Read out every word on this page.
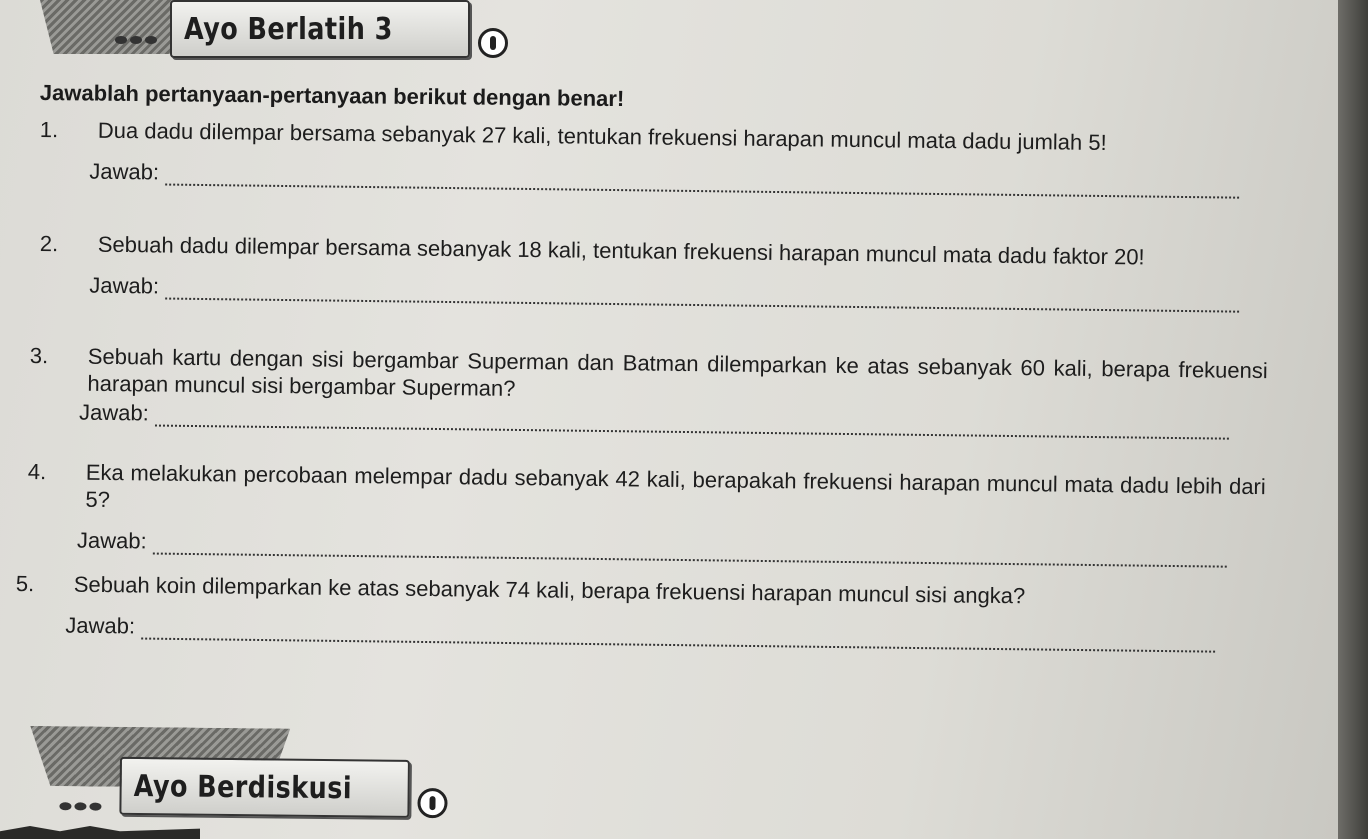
Ayo Berlatih 3
Jawablah pertanyaan-pertanyaan berikut dengan benar!
1. Dua dadu dilempar bersama sebanyak 27 kali, tentukan frekuensi harapan muncul mata dadu jumlah 5!
Jawab:
2. Sebuah dadu dilempar bersama sebanyak 18 kali, tentukan frekuensi harapan muncul mata dadu faktor 20!
Jawab:
3. Sebuah kartu dengan sisi bergambar Superman dan Batman dilemparkan ke atas sebanyak 60 kali, berapa frekuensi harapan muncul sisi bergambar Superman?
Jawab:
4. Eka melakukan percobaan melempar dadu sebanyak 42 kali, berapakah frekuensi harapan muncul mata dadu lebih dari 5?
Jawab:
5. Sebuah koin dilemparkan ke atas sebanyak 74 kali, berapa frekuensi harapan muncul sisi angka?
Jawab:
Ayo Berdiskusi
